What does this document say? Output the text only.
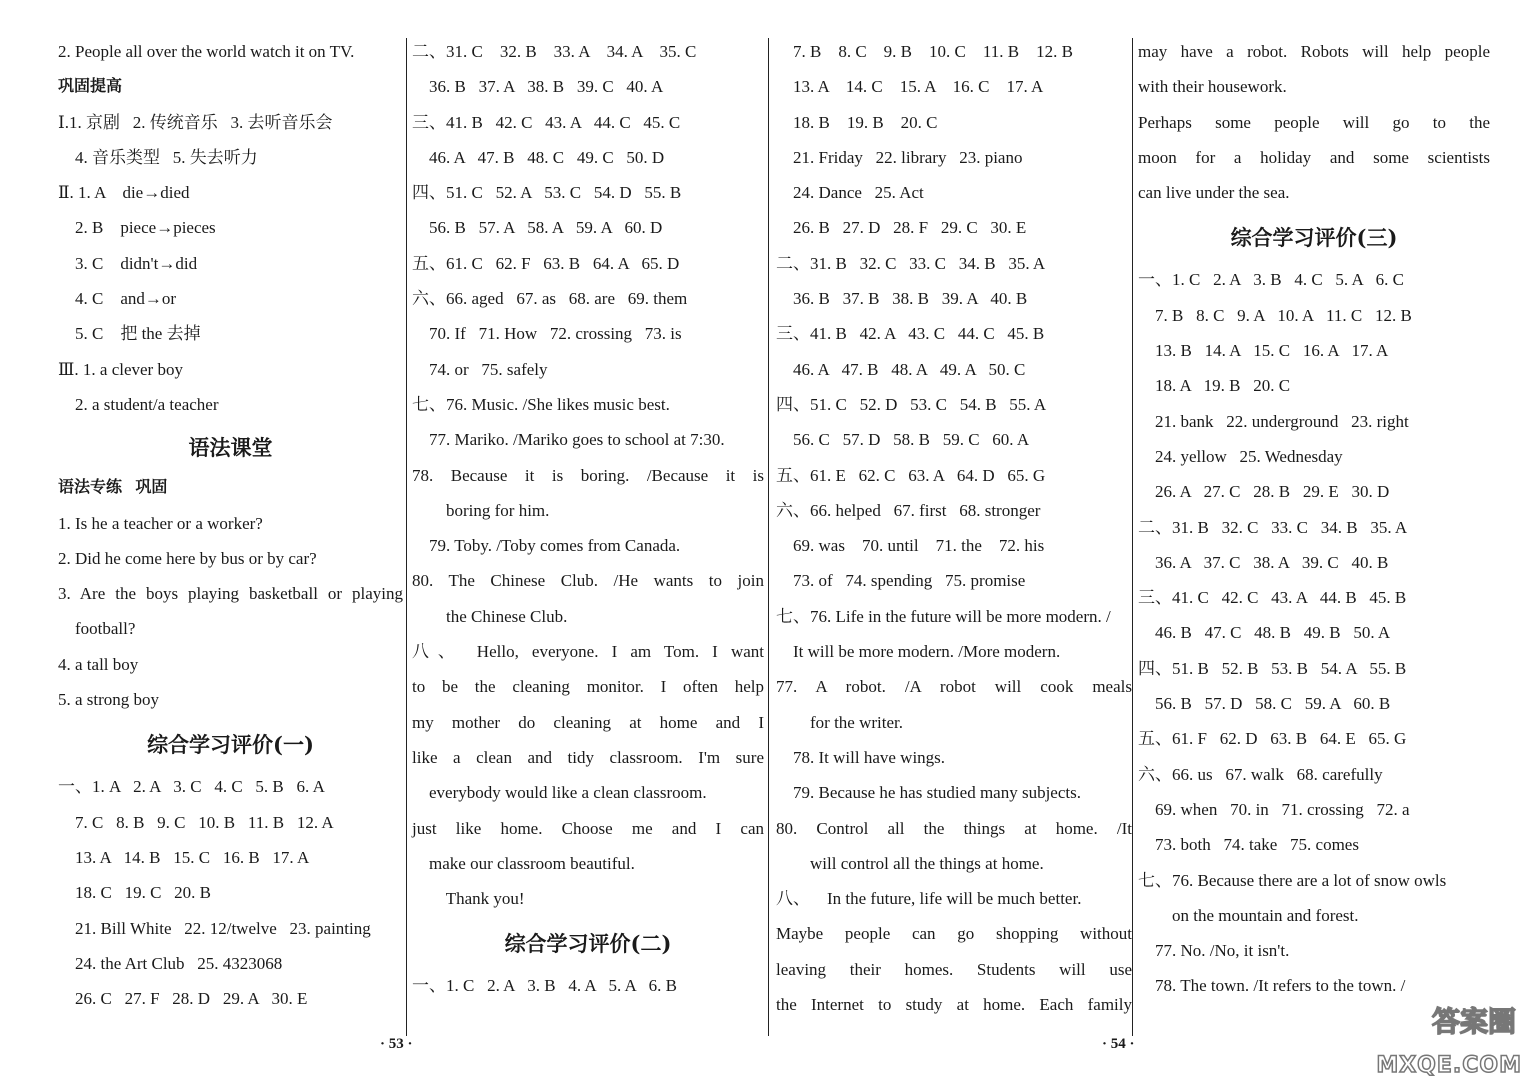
2. People all over the world watch it on TV.
巩固提高
Ⅰ.1. 京剧   2. 传统音乐   3. 去听音乐会
4. 音乐类型   5. 失去听力
Ⅱ. 1. A    die→died
2. B    piece→pieces
3. C    didn't→did
4. C    and→or
5. C    把 the 去掉
Ⅲ. 1. a clever boy
2. a student/a teacher
语法课堂
语法专练   巩固
1. Is he a teacher or a worker?
2. Did he come here by bus or by car?
3. Are the boys playing basketball or playing
football?
4. a tall boy
5. a strong boy
综合学习评价(一)
一、1. A   2. A   3. C   4. C   5. B   6. A
7. C   8. B   9. C   10. B   11. B   12. A
13. A   14. B   15. C   16. B   17. A
18. C   19. C   20. B
21. Bill White   22. 12/twelve   23. painting
24. the Art Club   25. 4323068
26. C   27. F   28. D   29. A   30. E
二、31. C    32. B    33. A    34. A    35. C
36. B   37. A   38. B   39. C   40. A
三、41. B   42. C   43. A   44. C   45. C
46. A   47. B   48. C   49. C   50. D
四、51. C   52. A   53. C   54. D   55. B
56. B   57. A   58. A   59. A   60. D
五、61. C   62. F   63. B   64. A   65. D
六、66. aged   67. as   68. are   69. them
70. If   71. How   72. crossing   73. is
74. or   75. safely
七、76. Music. /She likes music best.
77. Mariko. /Mariko goes to school at 7:30.
78. Because it is boring. /Because it is
boring for him.
79. Toby. /Toby comes from Canada.
80. The Chinese Club. /He wants to join
the Chinese Club.
八、 Hello, everyone. I am Tom. I want
to be the cleaning monitor. I often help
my mother do cleaning at home and I
like a clean and tidy classroom. I'm sure
everybody would like a clean classroom.
just like home. Choose me and I can
make our classroom beautiful.
Thank you!
综合学习评价(二)
一、1. C   2. A   3. B   4. A   5. A   6. B
7. B    8. C    9. B    10. C    11. B    12. B
13. A    14. C    15. A    16. C    17. A
18. B    19. B    20. C
21. Friday   22. library   23. piano
24. Dance   25. Act
26. B   27. D   28. F   29. C   30. E
二、31. B   32. C   33. C   34. B   35. A
36. B   37. B   38. B   39. A   40. B
三、41. B   42. A   43. C   44. C   45. B
46. A   47. B   48. A   49. A   50. C
四、51. C   52. D   53. C   54. B   55. A
56. C   57. D   58. B   59. C   60. A
五、61. E   62. C   63. A   64. D   65. G
六、66. helped   67. first   68. stronger
69. was    70. until    71. the    72. his
73. of   74. spending   75. promise
七、76. Life in the future will be more modern. /
It will be more modern. /More modern.
77. A robot. /A robot will cook meals
for the writer.
78. It will have wings.
79. Because he has studied many subjects.
80. Control all the things at home. /It
will control all the things at home.
八、    In the future, life will be much better.
Maybe people can go shopping without
leaving their homes. Students will use
the Internet to study at home. Each family
may have a robot. Robots will help people
with their housework.
Perhaps some people will go to the
moon for a holiday and some scientists
can live under the sea.
综合学习评价(三)
一、1. C   2. A   3. B   4. C   5. A   6. C
7. B   8. C   9. A   10. A   11. C   12. B
13. B   14. A   15. C   16. A   17. A
18. A   19. B   20. C
21. bank   22. underground   23. right
24. yellow   25. Wednesday
26. A   27. C   28. B   29. E   30. D
二、31. B   32. C   33. C   34. B   35. A
36. A   37. C   38. A   39. C   40. B
三、41. C   42. C   43. A   44. B   45. B
46. B   47. C   48. B   49. B   50. A
四、51. B   52. B   53. B   54. A   55. B
56. B   57. D   58. C   59. A   60. B
五、61. F   62. D   63. B   64. E   65. G
六、66. us   67. walk   68. carefully
69. when   70. in   71. crossing   72. a
73. both   74. take   75. comes
七、76. Because there are a lot of snow owls
on the mountain and forest.
77. No. /No, it isn't.
78. The town. /It refers to the town. /
· 53 ·	· 54 ·
答案圈
MXQE.COM
